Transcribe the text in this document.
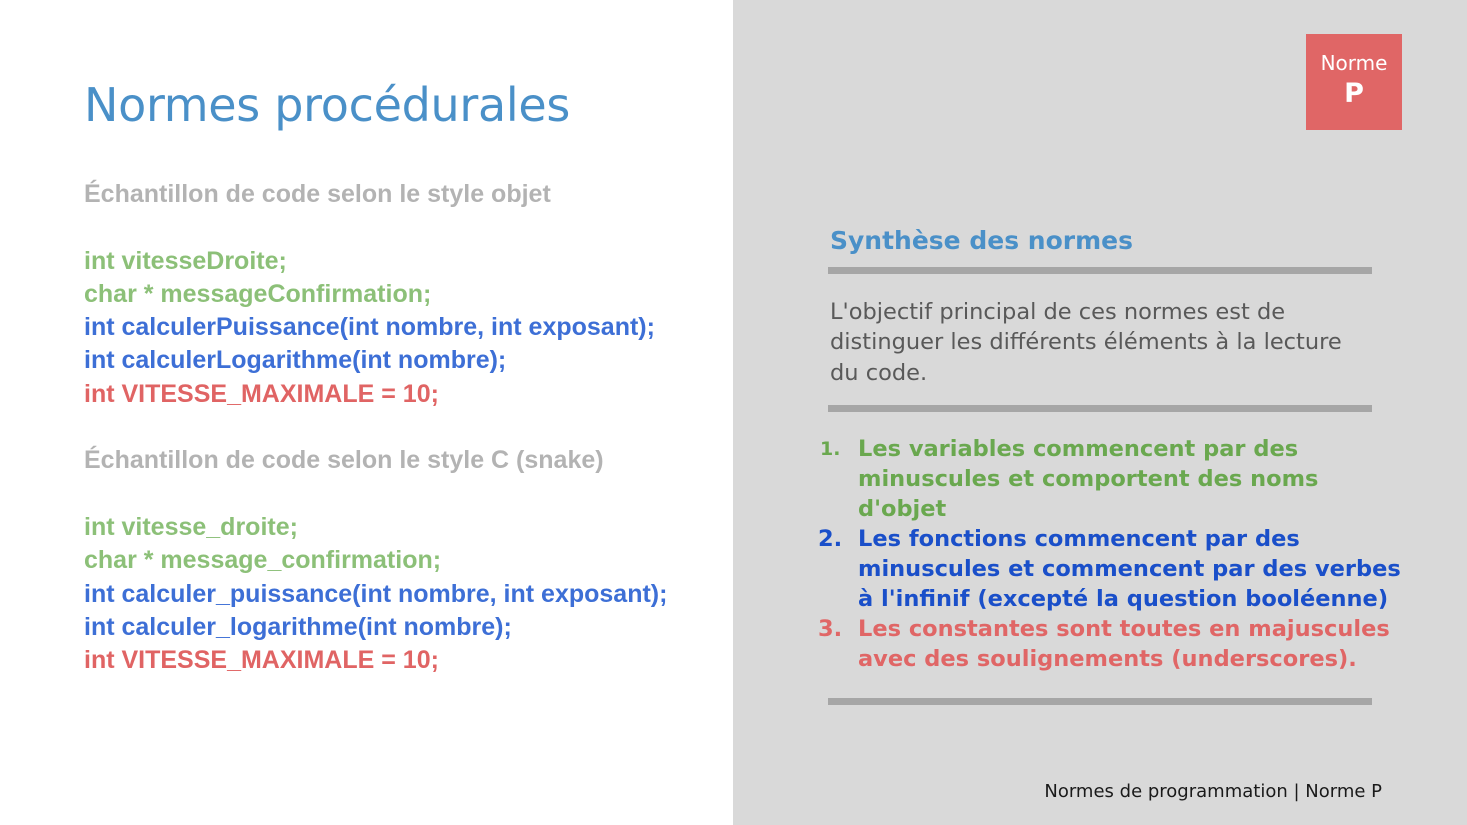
Normes procédurales
Échantillon de code selon le style objet
int vitesseDroite;
char * messageConfirmation;
int calculerPuissance(int nombre, int exposant);
int calculerLogarithme(int nombre);
int VITESSE_MAXIMALE = 10;
Échantillon de code selon le style C (snake)
int vitesse_droite;
char * message_confirmation;
int calculer_puissance(int nombre, int exposant);
int calculer_logarithme(int nombre);
int VITESSE_MAXIMALE = 10;
Norme
P
Synthèse des normes
L'objectif principal de ces normes est de distinguer les différents éléments à la lecture du code.
1. Les variables commencent par des minuscules et comportent des noms d'objet
2. Les fonctions commencent par des minuscules et commencent par des verbes à l'infinif (excepté la question booléenne)
3. Les constantes sont toutes en majuscules avec des soulignements (underscores).
Normes de programmation | Norme P
